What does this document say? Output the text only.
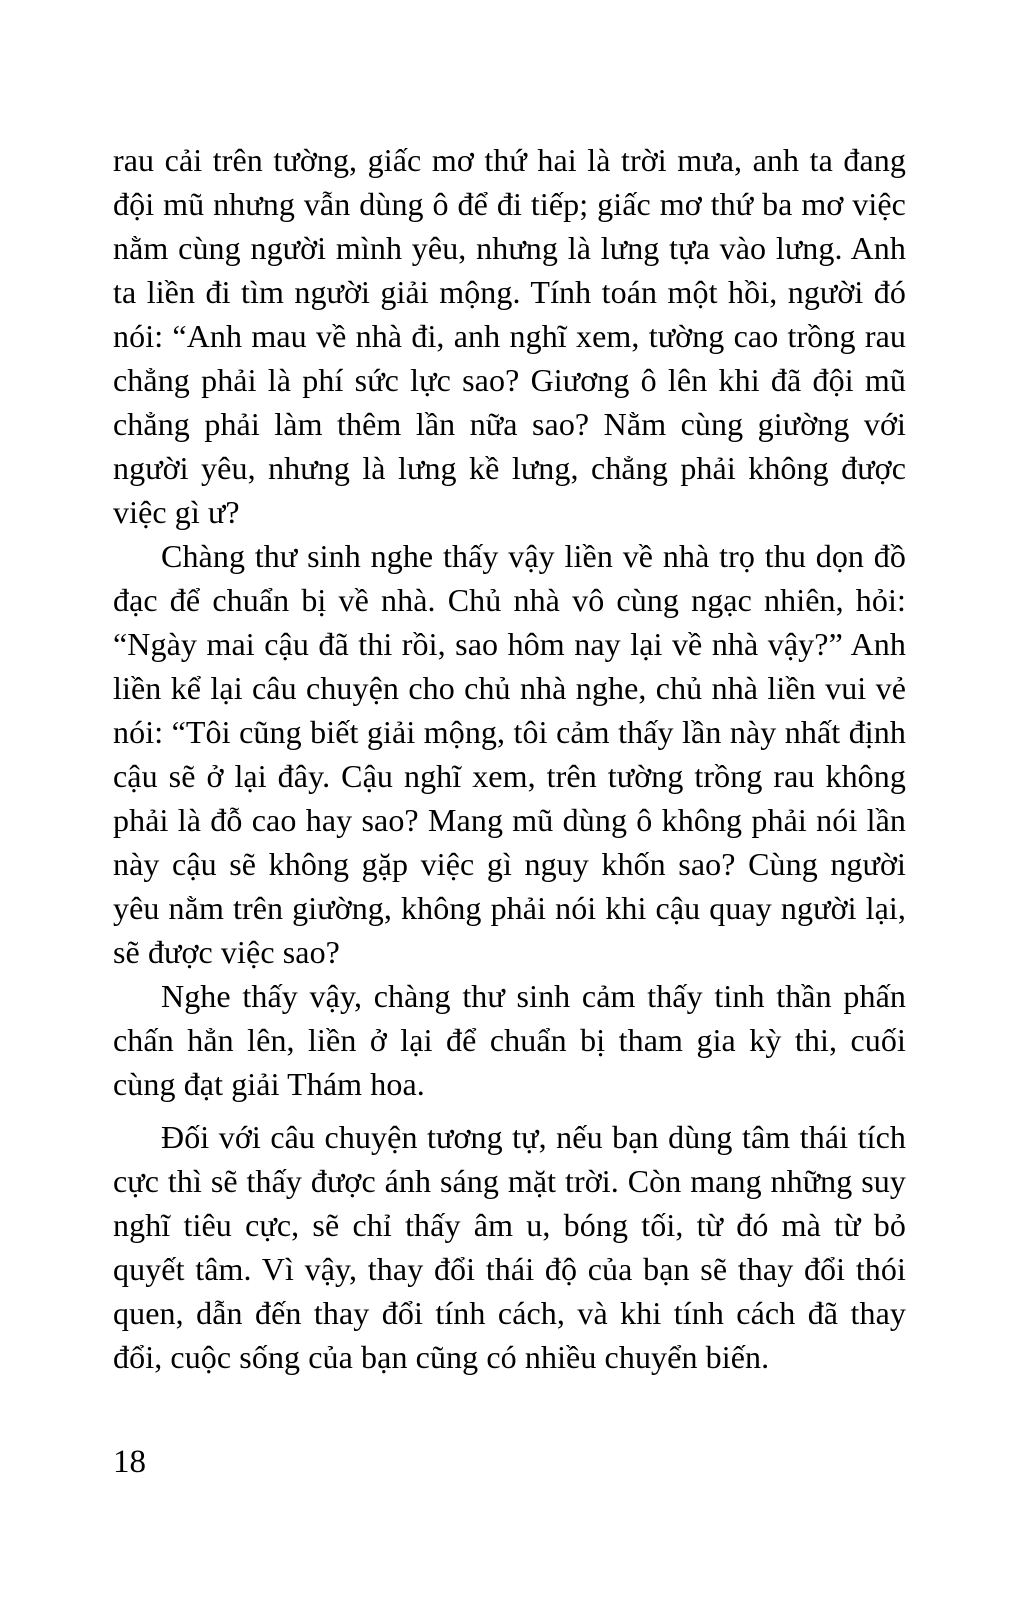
rau cải trên tường, giấc mơ thứ hai là trời mưa, anh ta đang đội mũ nhưng vẫn dùng ô để đi tiếp; giấc mơ thứ ba mơ việc nằm cùng người mình yêu, nhưng là lưng tựa vào lưng. Anh ta liền đi tìm người giải mộng. Tính toán một hồi, người đó nói: “Anh mau về nhà đi, anh nghĩ xem, tường cao trồng rau chẳng phải là phí sức lực sao? Giương ô lên khi đã đội mũ chẳng phải làm thêm lần nữa sao? Nằm cùng giường với người yêu, nhưng là lưng kề lưng, chẳng phải không được việc gì ư?

Chàng thư sinh nghe thấy vậy liền về nhà trọ thu dọn đồ đạc để chuẩn bị về nhà. Chủ nhà vô cùng ngạc nhiên, hỏi: “Ngày mai cậu đã thi rồi, sao hôm nay lại về nhà vậy?” Anh liền kể lại câu chuyện cho chủ nhà nghe, chủ nhà liền vui vẻ nói: “Tôi cũng biết giải mộng, tôi cảm thấy lần này nhất định cậu sẽ ở lại đây. Cậu nghĩ xem, trên tường trồng rau không phải là đỗ cao hay sao? Mang mũ dùng ô không phải nói lần này cậu sẽ không gặp việc gì nguy khốn sao? Cùng người yêu nằm trên giường, không phải nói khi cậu quay người lại, sẽ được việc sao?

Nghe thấy vậy, chàng thư sinh cảm thấy tinh thần phấn chấn hẳn lên, liền ở lại để chuẩn bị tham gia kỳ thi, cuối cùng đạt giải Thám hoa.

Đối với câu chuyện tương tự, nếu bạn dùng tâm thái tích cực thì sẽ thấy được ánh sáng mặt trời. Còn mang những suy nghĩ tiêu cực, sẽ chỉ thấy âm u, bóng tối, từ đó mà từ bỏ quyết tâm. Vì vậy, thay đổi thái độ của bạn sẽ thay đổi thói quen, dẫn đến thay đổi tính cách, và khi tính cách đã thay đổi, cuộc sống của bạn cũng có nhiều chuyển biến.

18
